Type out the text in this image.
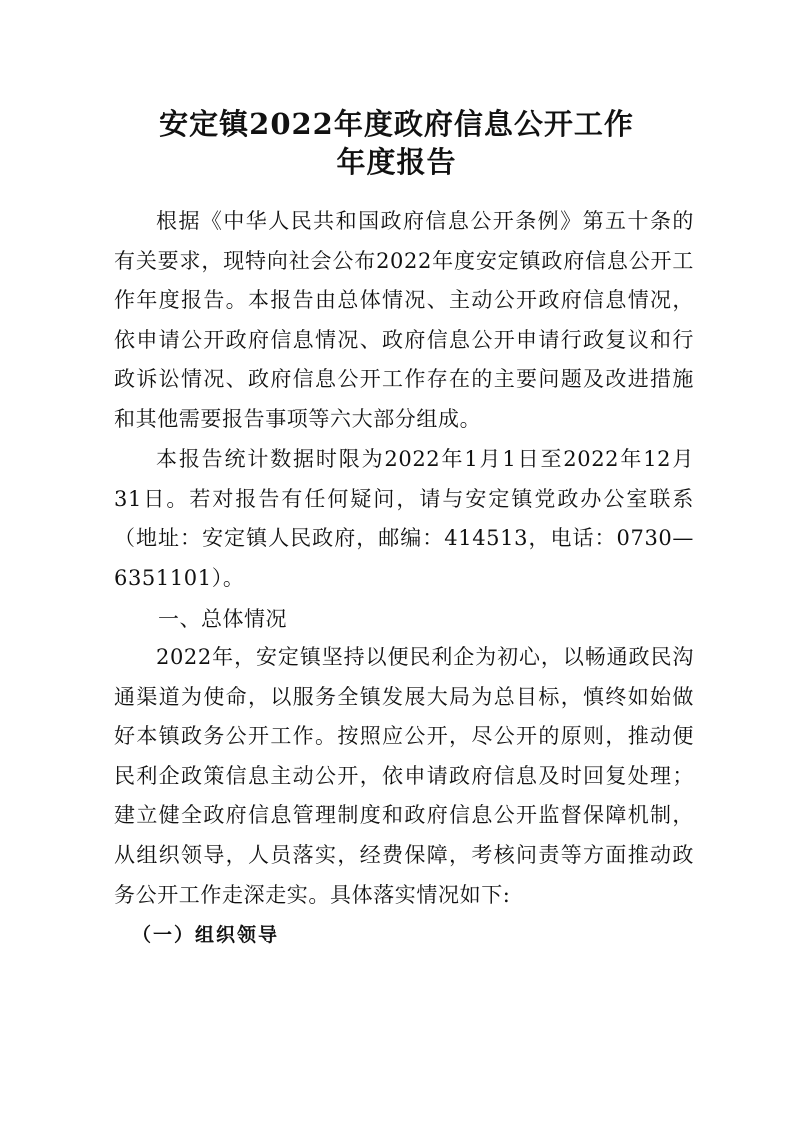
安定镇2022年度政府信息公开工作
年度报告
根据《中华人民共和国政府信息公开条例》第五十条的有关要求，现特向社会公布2022年度安定镇政府信息公开工作年度报告。本报告由总体情况、主动公开政府信息情况，依申请公开政府信息情况、政府信息公开申请行政复议和行政诉讼情况、政府信息公开工作存在的主要问题及改进措施和其他需要报告事项等六大部分组成。
本报告统计数据时限为2022年1月1日至2022年12月31日。若对报告有任何疑问，请与安定镇党政办公室联系（地址：安定镇人民政府，邮编：414513，电话：0730—6351101）。
一、总体情况
2022年，安定镇坚持以便民利企为初心，以畅通政民沟通渠道为使命，以服务全镇发展大局为总目标，慎终如始做好本镇政务公开工作。按照应公开，尽公开的原则，推动便民利企政策信息主动公开，依申请政府信息及时回复处理；建立健全政府信息管理制度和政府信息公开监督保障机制，从组织领导，人员落实，经费保障，考核问责等方面推动政务公开工作走深走实。具体落实情况如下:
（一）组织领导
